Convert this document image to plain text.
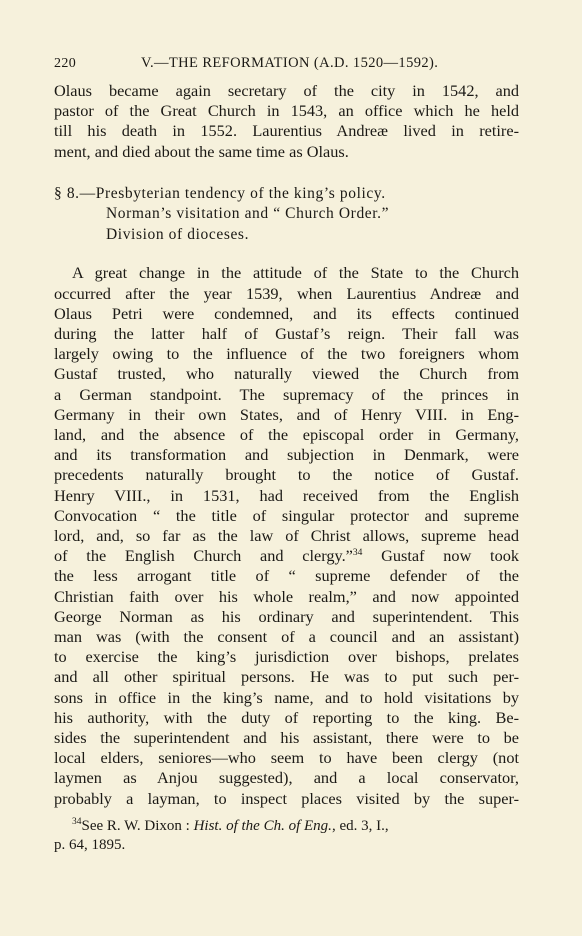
220	V.—THE REFORMATION (A.D. 1520—1592).

Olaus became again secretary of the city in 1542, and
pastor of the Great Church in 1543, an office which he held
till his death in 1552. Laurentius Andreæ lived in retire-
ment, and died about the same time as Olaus.

§ 8.—Presbyterian tendency of the king’s policy.
Norman’s visitation and “ Church Order.”
Division of dioceses.

A great change in the attitude of the State to the Church
occurred after the year 1539, when Laurentius Andreæ and
Olaus Petri were condemned, and its effects continued
during the latter half of Gustaf’s reign. Their fall was
largely owing to the influence of the two foreigners whom
Gustaf trusted, who naturally viewed the Church from
a German standpoint. The supremacy of the princes in
Germany in their own States, and of Henry VIII. in Eng-
land, and the absence of the episcopal order in Germany,
and its transformation and subjection in Denmark, were
precedents naturally brought to the notice of Gustaf.
Henry VIII., in 1531, had received from the English
Convocation “ the title of singular protector and supreme
lord, and, so far as the law of Christ allows, supreme head
of the English Church and clergy.”$^{34}$ Gustaf now took
the less arrogant title of “ supreme defender of the
Christian faith over his whole realm,” and now appointed
George Norman as his ordinary and superintendent. This
man was (with the consent of a council and an assistant)
to exercise the king’s jurisdiction over bishops, prelates
and all other spiritual persons. He was to put such per-
sons in office in the king’s name, and to hold visitations by
his authority, with the duty of reporting to the king. Be-
sides the superintendent and his assistant, there were to be
local elders, seniores—who seem to have been clergy (not
laymen as Anjou suggested), and a local conservator,
probably a layman, to inspect places visited by the super-

$^{34}$See R. W. Dixon : Hist. of the Ch. of Eng., ed. 3, I.,
p. 64, 1895.
